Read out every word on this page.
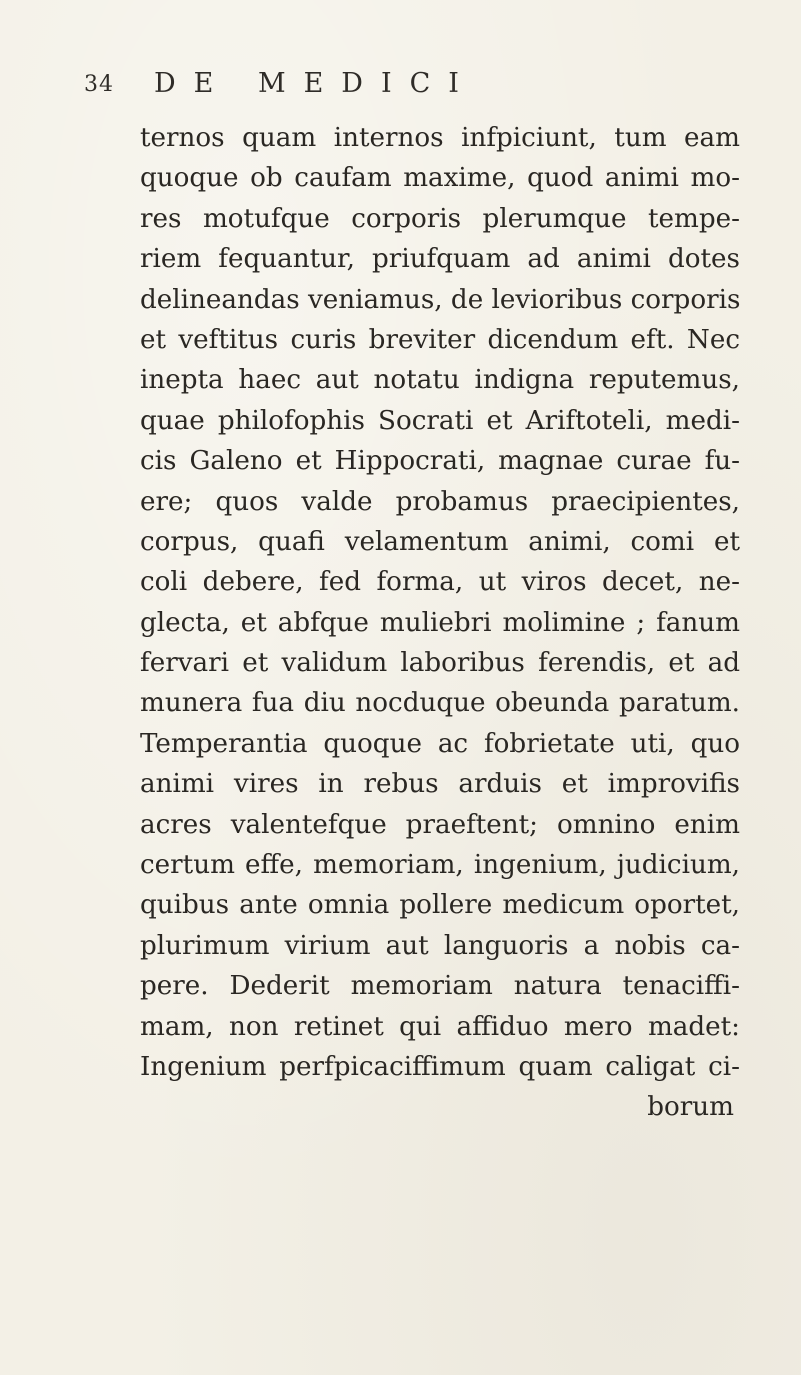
34 DE MEDICI
ternos quam internos infpiciunt, tum eam
quoque ob caufam maxime, quod animi mo-
res motufque corporis plerumque tempe-
riem fequantur, priufquam ad animi dotes
delineandas veniamus, de levioribus corporis
et veftitus curis breviter dicendum eft. Nec
inepta haec aut notatu indigna reputemus,
quae philofophis Socrati et Ariftoteli, medi-
cis Galeno et Hippocrati, magnae curae fu-
ere; quos valde probamus praecipientes,
corpus, quafi velamentum animi, comi et
coli debere, fed forma, ut viros decet, ne-
glecta, et abfque muliebri molimine ; fanum
fervari et validum laboribus ferendis, et ad
munera fua diu nocduque obeunda paratum.
Temperantia quoque ac fobrietate uti, quo
animi vires in rebus arduis et improvifis
acres valentefque praeftent; omnino enim
certum effe, memoriam, ingenium, judicium,
quibus ante omnia pollere medicum oportet,
plurimum virium aut languoris a nobis ca-
pere. Dederit memoriam natura tenaciffi-
mam, non retinet qui affiduo mero madet:
Ingenium perfpicaciffimum quam caligat ci-
borum
